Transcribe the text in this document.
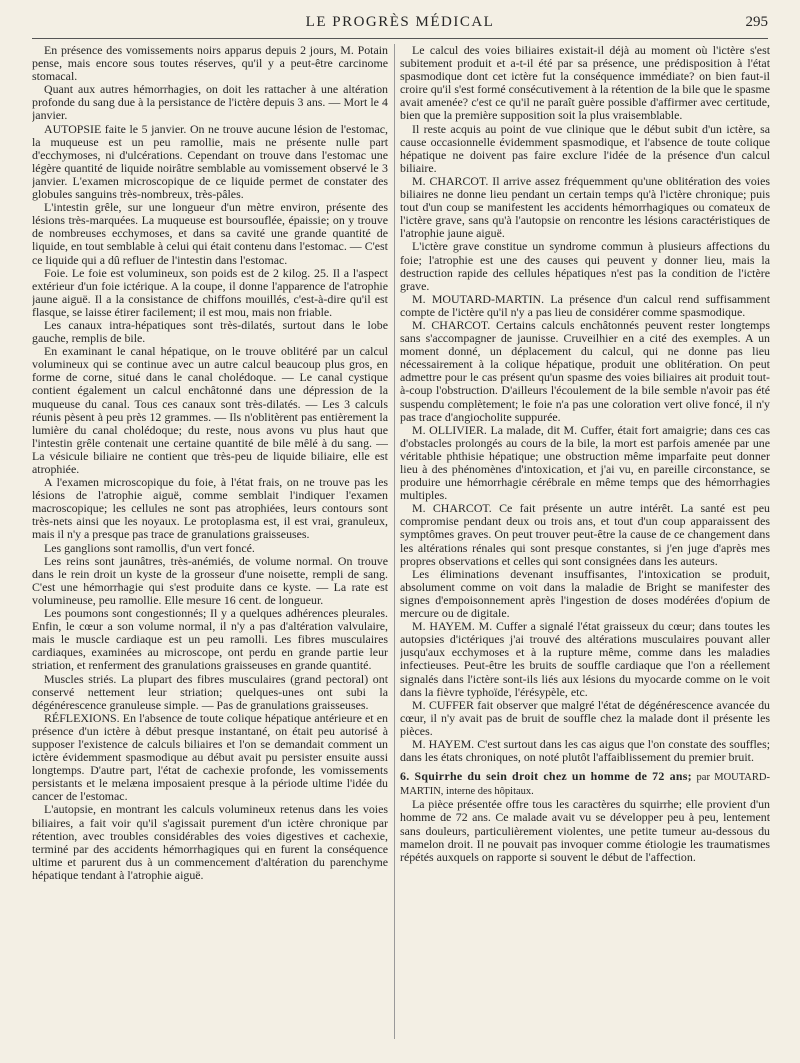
LE PROGRÈS MÉDICAL	295

En présence des vomissements noirs apparus depuis 2 jours, M. Potain pense, mais encore sous toutes réserves, qu'il y a peut-être carcinome stomacal.

Quant aux autres hémorrhagies, on doit les rattacher à une altération profonde du sang due à la persistance de l'ictère depuis 3 ans. — Mort le 4 janvier.

AUTOPSIE faite le 5 janvier. On ne trouve aucune lésion de l'estomac, la muqueuse est un peu ramollie, mais ne présente nulle part d'ecchymoses, ni d'ulcérations. Cependant on trouve dans l'estomac une légère quantité de liquide noirâtre semblable au vomissement observé le 3 janvier. L'examen microscopique de ce liquide permet de constater des globules sanguins très-nombreux, très-pâles.

L'intestin grêle, sur une longueur d'un mètre environ, présente des lésions très-marquées. La muqueuse est boursouflée, épaissie; on y trouve de nombreuses ecchymoses, et dans sa cavité une grande quantité de liquide, en tout semblable à celui qui était contenu dans l'estomac. — C'est ce liquide qui a dû refluer de l'intestin dans l'estomac.

Foie. Le foie est volumineux, son poids est de 2 kilog. 25. Il a l'aspect extérieur d'un foie ictérique. A la coupe, il donne l'apparence de l'atrophie jaune aiguë. Il a la consistance de chiffons mouillés, c'est-à-dire qu'il est flasque, se laisse étirer facilement; il est mou, mais non friable.

Les canaux intra-hépatiques sont très-dilatés, surtout dans le lobe gauche, remplis de bile.

En examinant le canal hépatique, on le trouve oblitéré par un calcul volumineux qui se continue avec un autre calcul beaucoup plus gros, en forme de corne, situé dans le canal cholédoque. — Le canal cystique contient également un calcul enchâtonné dans une dépression de la muqueuse du canal. Tous ces canaux sont très-dilatés. — Les 3 calculs réunis pèsent à peu près 12 grammes. — Ils n'oblitèrent pas entièrement la lumière du canal cholédoque; du reste, nous avons vu plus haut que l'intestin grêle contenait une certaine quantité de bile mêlé à du sang. — La vésicule biliaire ne contient que très-peu de liquide biliaire, elle est atrophiée.

A l'examen microscopique du foie, à l'état frais, on ne trouve pas les lésions de l'atrophie aiguë, comme semblait l'indiquer l'examen macroscopique; les cellules ne sont pas atrophiées, leurs contours sont très-nets ainsi que les noyaux. Le protoplasma est, il est vrai, granuleux, mais il n'y a presque pas trace de granulations graisseuses.

Les ganglions sont ramollis, d'un vert foncé.

Les reins sont jaunâtres, très-anémiés, de volume normal. On trouve dans le rein droit un kyste de la grosseur d'une noisette, rempli de sang. C'est une hémorrhagie qui s'est produite dans ce kyste. — La rate est volumineuse, peu ramollie. Elle mesure 16 cent. de longueur.

Les poumons sont congestionnés; Il y a quelques adhérences pleurales. Enfin, le cœur a son volume normal, il n'y a pas d'altération valvulaire, mais le muscle cardiaque est un peu ramolli. Les fibres musculaires cardiaques, examinées au microscope, ont perdu en grande partie leur striation, et renferment des granulations graisseuses en grande quantité.

Muscles striés. La plupart des fibres musculaires (grand pectoral) ont conservé nettement leur striation; quelques-unes ont subi la dégénérescence granuleuse simple. — Pas de granulations graisseuses.

RÉFLEXIONS. En l'absence de toute colique hépatique antérieure et en présence d'un ictère à début presque instantané, on était peu autorisé à supposer l'existence de calculs biliaires et l'on se demandait comment un ictère évidemment spasmodique au début avait pu persister ensuite aussi longtemps. D'autre part, l'état de cachexie profonde, les vomissements persistants et le melæna imposaient presque à la période ultime l'idée du cancer de l'estomac.

L'autopsie, en montrant les calculs volumineux retenus dans les voies biliaires, a fait voir qu'il s'agissait purement d'un ictère chronique par rétention, avec troubles considérables des voies digestives et cachexie, terminé par des accidents hémorrhagiques qui en furent la conséquence ultime et parurent dus à un commencement d'altération du parenchyme hépatique tendant à l'atrophie aiguë.

Le calcul des voies biliaires existait-il déjà au moment où l'ictère s'est subitement produit et a-t-il été par sa présence, une prédisposition à l'état spasmodique dont cet ictère fut la conséquence immédiate? on bien faut-il croire qu'il s'est formé consécutivement à la rétention de la bile que le spasme avait amenée? c'est ce qu'il ne paraît guère possible d'affirmer avec certitude, bien que la première supposition soit la plus vraisemblable.

Il reste acquis au point de vue clinique que le début subit d'un ictère, sa cause occasionnelle évidemment spasmodique, et l'absence de toute colique hépatique ne doivent pas faire exclure l'idée de la présence d'un calcul biliaire.

M. CHARCOT. Il arrive assez fréquemment qu'une oblitération des voies biliaires ne donne lieu pendant un certain temps qu'à l'ictère chronique; puis tout d'un coup se manifestent les accidents hémorrhagiques ou comateux de l'ictère grave, sans qu'à l'autopsie on rencontre les lésions caractéristiques de l'atrophie jaune aiguë.

L'ictère grave constitue un syndrome commun à plusieurs affections du foie; l'atrophie est une des causes qui peuvent y donner lieu, mais la destruction rapide des cellules hépatiques n'est pas la condition de l'ictère grave.

M. MOUTARD-MARTIN. La présence d'un calcul rend suffisamment compte de l'ictère qu'il n'y a pas lieu de considérer comme spasmodique.

M. CHARCOT. Certains calculs enchâtonnés peuvent rester longtemps sans s'accompagner de jaunisse. Cruveilhier en a cité des exemples. A un moment donné, un déplacement du calcul, qui ne donne pas lieu nécessairement à la colique hépatique, produit une oblitération. On peut admettre pour le cas présent qu'un spasme des voies biliaires ait produit tout-à-coup l'obstruction. D'ailleurs l'écoulement de la bile semble n'avoir pas été suspendu complètement; le foie n'a pas une coloration vert olive foncé, il n'y pas trace d'angiocholite suppurée.

M. OLLIVIER. La malade, dit M. Cuffer, était fort amaigrie; dans ces cas d'obstacles prolongés au cours de la bile, la mort est parfois amenée par une véritable phthisie hépatique; une obstruction même imparfaite peut donner lieu à des phénomènes d'intoxication, et j'ai vu, en pareille circonstance, se produire une hémorrhagie cérébrale en même temps que des hémorrhagies multiples.

M. CHARCOT. Ce fait présente un autre intérêt. La santé est peu compromise pendant deux ou trois ans, et tout d'un coup apparaissent des symptômes graves. On peut trouver peut-être la cause de ce changement dans les altérations rénales qui sont presque constantes, si j'en juge d'après mes propres observations et celles qui sont consignées dans les auteurs.

Les éliminations devenant insuffisantes, l'intoxication se produit, absolument comme on voit dans la maladie de Bright se manifester des signes d'empoisonnement après l'ingestion de doses modérées d'opium de mercure ou de digitale.

M. HAYEM. M. Cuffer a signalé l'état graisseux du cœur; dans toutes les autopsies d'ictériques j'ai trouvé des altérations musculaires pouvant aller jusqu'aux ecchymoses et à la rupture même, comme dans les maladies infectieuses. Peut-être les bruits de souffle cardiaque que l'on a réellement signalés dans l'ictère sont-ils liés aux lésions du myocarde comme on le voit dans la fièvre typhoïde, l'érésypèle, etc.

M. CUFFER fait observer que malgré l'état de dégénérescence avancée du cœur, il n'y avait pas de bruit de souffle chez la malade dont il présente les pièces.

M. HAYEM. C'est surtout dans les cas aigus que l'on constate des souffles; dans les états chroniques, on noté plutôt l'affaiblissement du premier bruit.

6. Squirrhe du sein droit chez un homme de 72 ans; par MOUTARD-MARTIN, interne des hôpitaux.

La pièce présentée offre tous les caractères du squirrhe; elle provient d'un homme de 72 ans. Ce malade avait vu se développer peu à peu, lentement sans douleurs, particulièrement violentes, une petite tumeur au-dessous du mamelon droit. Il ne pouvait pas invoquer comme étiologie les traumatismes répétés auxquels on rapporte si souvent le début de l'affection.
